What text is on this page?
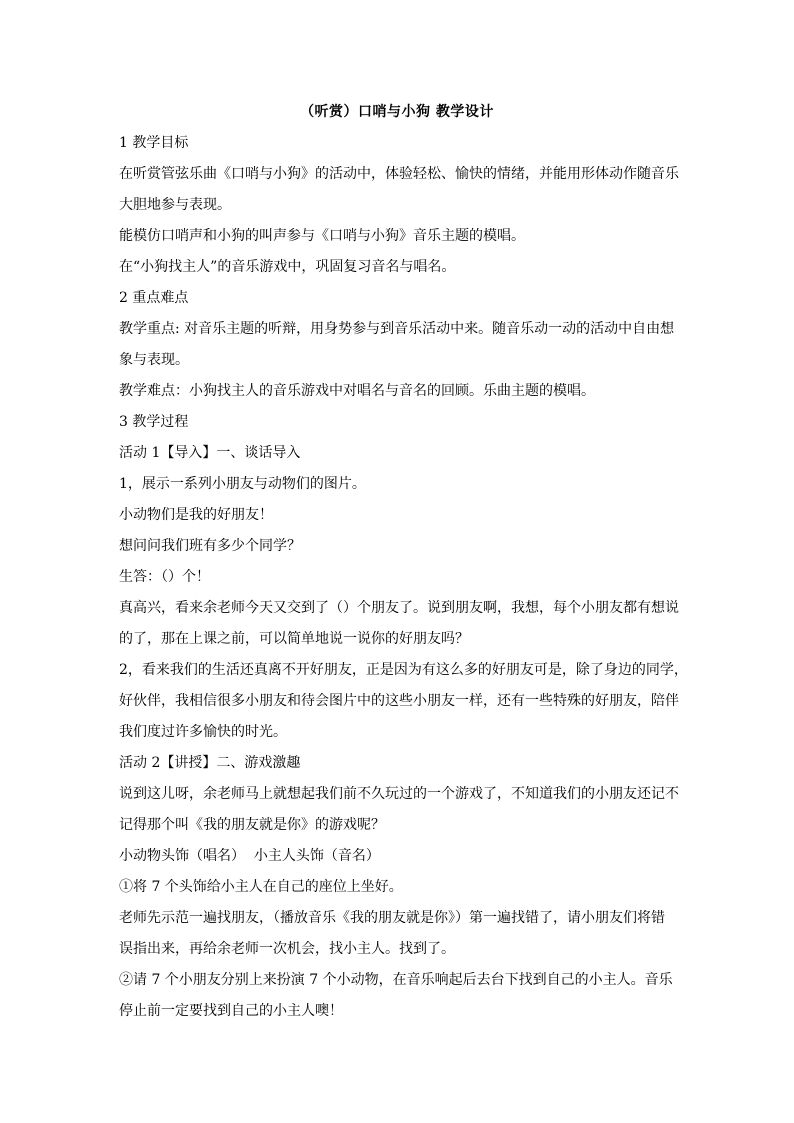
（听赏）口哨与小狗 教学设计
1 教学目标
在听赏管弦乐曲《口哨与小狗》的活动中，体验轻松、愉快的情绪，并能用形体动作随音乐
大胆地参与表现。
能模仿口哨声和小狗的叫声参与《口哨与小狗》音乐主题的模唱。
在“小狗找主人”的音乐游戏中，巩固复习音名与唱名。
2 重点难点
教学重点: 对音乐主题的听辩，用身势参与到音乐活动中来。随音乐动一动的活动中自由想
象与表现。
教学难点：小狗找主人的音乐游戏中对唱名与音名的回顾。乐曲主题的模唱。
3 教学过程
活动 1【导入】一、谈话导入
1，展示一系列小朋友与动物们的图片。
小动物们是我的好朋友！
想问问我们班有多少个同学？
生答：（）个！
真高兴，看来余老师今天又交到了（）个朋友了。说到朋友啊，我想，每个小朋友都有想说
的了，那在上课之前，可以简单地说一说你的好朋友吗？
2，看来我们的生活还真离不开好朋友，正是因为有这么多的好朋友可是，除了身边的同学，
好伙伴，我相信很多小朋友和待会图片中的这些小朋友一样，还有一些特殊的好朋友，陪伴
我们度过许多愉快的时光。
活动 2【讲授】二、游戏激趣
说到这儿呀，余老师马上就想起我们前不久玩过的一个游戏了，不知道我们的小朋友还记不
记得那个叫《我的朋友就是你》的游戏呢？
小动物头饰（唱名）  小主人头饰（音名）
①将 7 个头饰给小主人在自己的座位上坐好。
老师先示范一遍找朋友，（播放音乐《我的朋友就是你》）第一遍找错了，请小朋友们将错
误指出来，再给余老师一次机会，找小主人。找到了。
②请 7 个小朋友分别上来扮演 7 个小动物，在音乐响起后去台下找到自己的小主人。音乐
停止前一定要找到自己的小主人噢！
